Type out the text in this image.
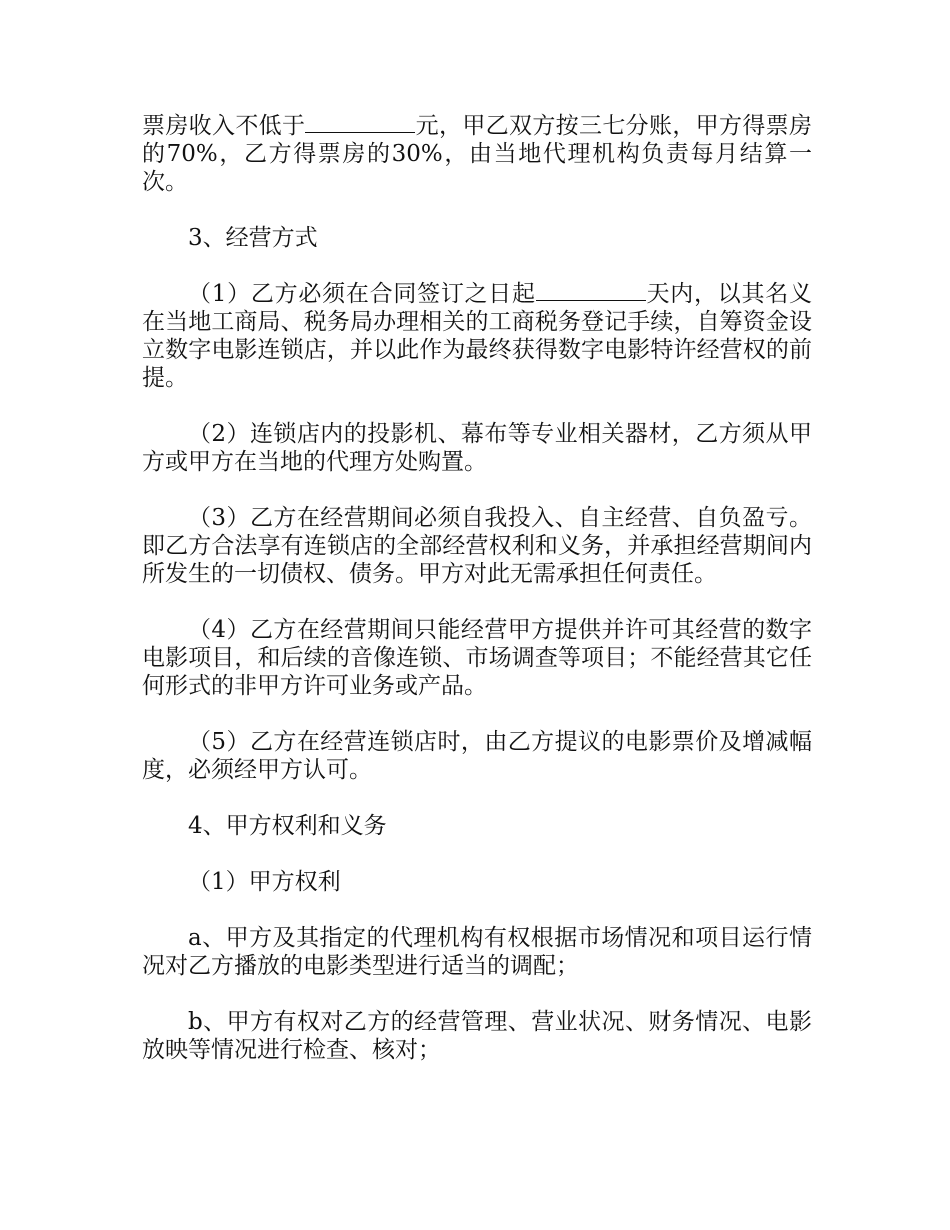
票房收入不低于	元，甲乙双方按三七分账，甲方得票房的70%，乙方得票房的30%，由当地代理机构负责每月结算一次。

3、经营方式

（1）乙方必须在合同签订之日起	天内，以其名义在当地工商局、税务局办理相关的工商税务登记手续，自筹资金设立数字电影连锁店，并以此作为最终获得数字电影特许经营权的前提。

（2）连锁店内的投影机、幕布等专业相关器材，乙方须从甲方或甲方在当地的代理方处购置。

（3）乙方在经营期间必须自我投入、自主经营、自负盈亏。即乙方合法享有连锁店的全部经营权利和义务，并承担经营期间内所发生的一切债权、债务。甲方对此无需承担任何责任。

（4）乙方在经营期间只能经营甲方提供并许可其经营的数字电影项目，和后续的音像连锁、市场调查等项目；不能经营其它任何形式的非甲方许可业务或产品。

（5）乙方在经营连锁店时，由乙方提议的电影票价及增减幅度，必须经甲方认可。

4、甲方权利和义务

（1）甲方权利

a、甲方及其指定的代理机构有权根据市场情况和项目运行情况对乙方播放的电影类型进行适当的调配；

b、甲方有权对乙方的经营管理、营业状况、财务情况、电影放映等情况进行检查、核对；
